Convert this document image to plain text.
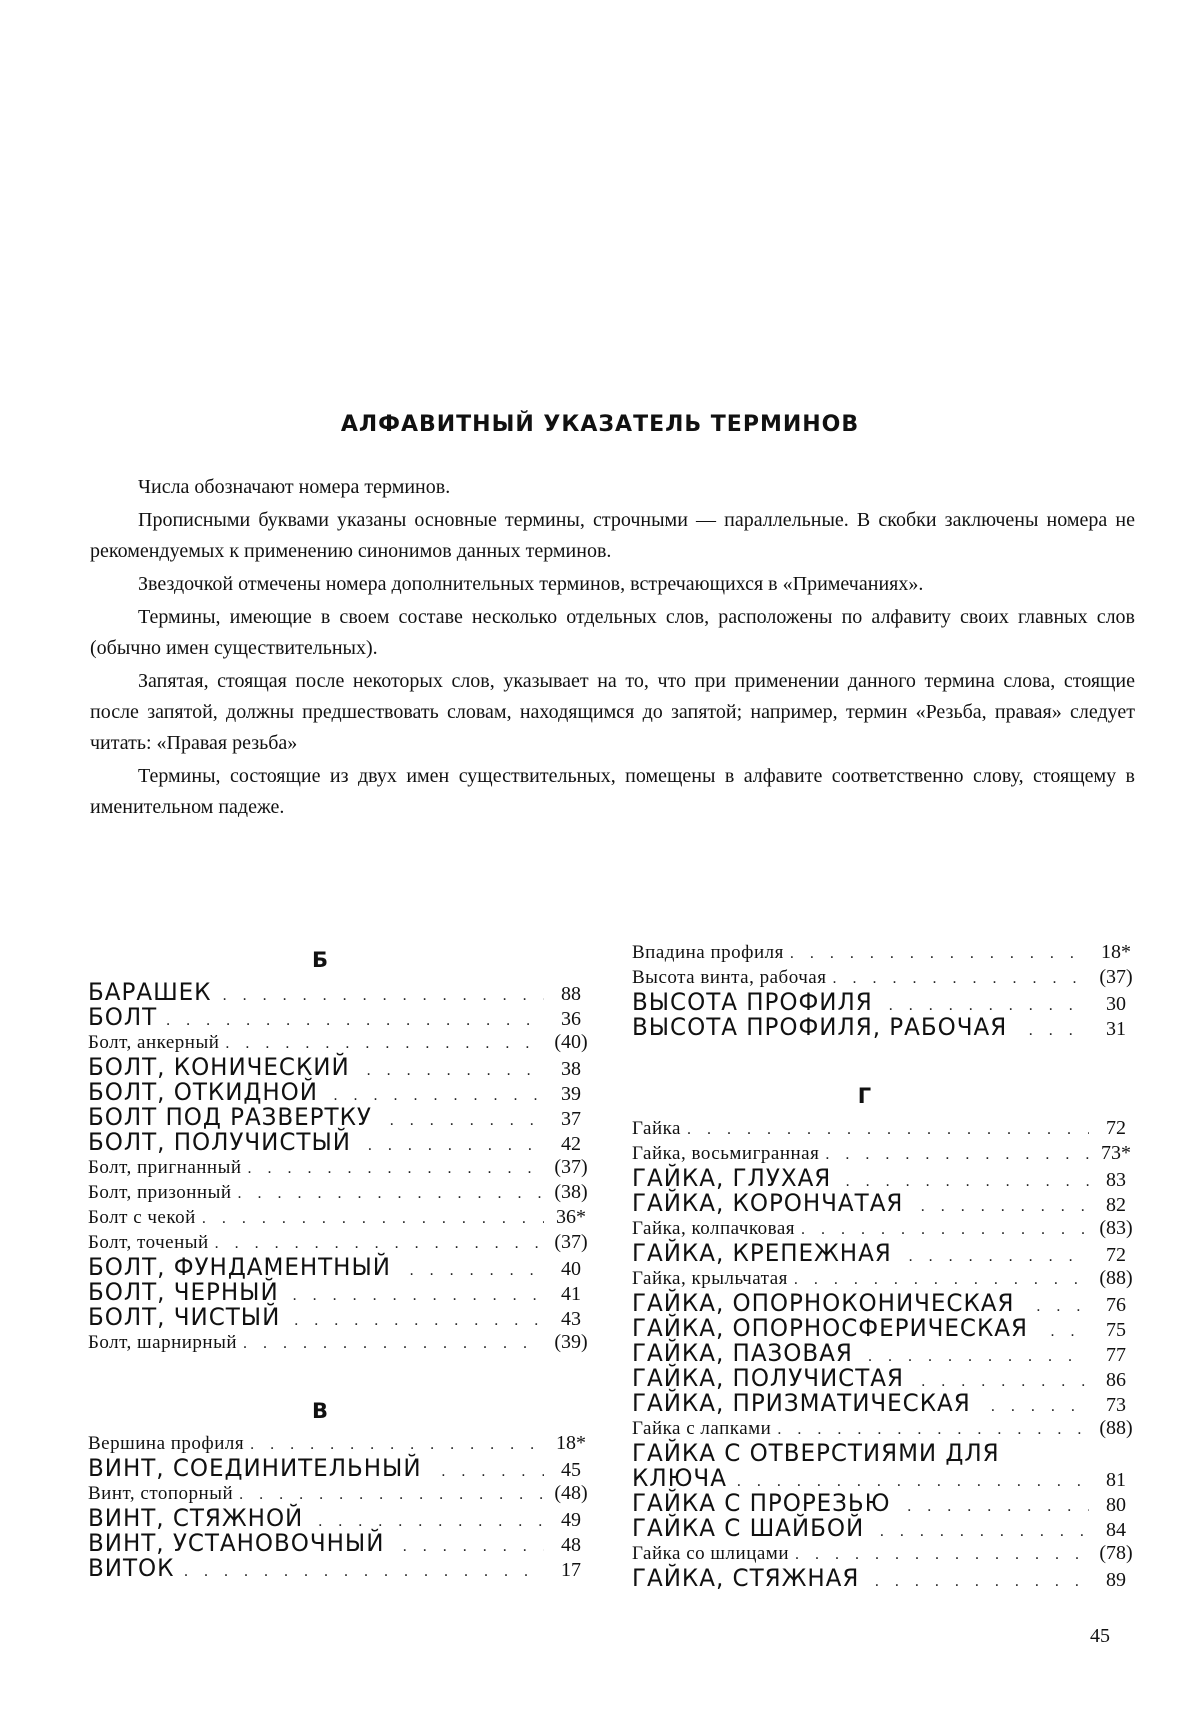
АЛФАВИТНЫЙ УКАЗАТЕЛЬ ТЕРМИНОВ

Числа обозначают номера терминов.

Прописными буквами указаны основные термины, строчными — параллельные. В скобки заключены номера не рекомендуемых к применению синонимов данных терминов.

Звездочкой отмечены номера дополнительных терминов, встречающихся в «Примечаниях».

Термины, имеющие в своем составе несколько отдельных слов, расположены по алфавиту своих главных слов (обычно имен существительных).

Запятая, стоящая после некоторых слов, указывает на то, что при применении данного термина слова, стоящие после запятой, должны предшествовать словам, находящимся до запятой; например, термин «Резьба, правая» следует читать: «Правая резьба»

Термины, состоящие из двух имен существительных, помещены в алфавите соответственно слову, стоящему в именительном падеже.

Б
БАРАШЕК . . .	88
БОЛТ . . .	36
Болт, анкерный . . .	(40)
БОЛТ, КОНИЧЕСКИЙ . . .	38
БОЛТ, ОТКИДНОЙ . . .	39
БОЛТ ПОД РАЗВЕРТКУ . . .	37
БОЛТ, ПОЛУЧИСТЫЙ . . .	42
Болт, пригнанный . . .	(37)
Болт, призонный . . .	(38)
Болт с чекой . . .	36*
Болт, точеный . . .	(37)
БОЛТ, ФУНДАМЕНТНЫЙ . . .	40
БОЛТ, ЧЕРНЫЙ . . .	41
БОЛТ, ЧИСТЫЙ . . .	43
Болт, шарнирный . . .	(39)
В
Вершина профиля . . .	18*
ВИНТ, СОЕДИНИТЕЛЬНЫЙ . . .	45
Винт, стопорный . . .	(48)
ВИНТ, СТЯЖНОЙ . . .	49
ВИНТ, УСТАНОВОЧНЫЙ . . .	48
ВИТОК . . .	17
Впадина профиля . . .	18*
Высота винта, рабочая . . .	(37)
ВЫСОТА ПРОФИЛЯ . . .	30
ВЫСОТА ПРОФИЛЯ, РАБОЧАЯ . . .	31
Г
Гайка . . .	72
Гайка, восьмигранная . . .	73*
ГАЙКА, ГЛУХАЯ . . .	83
ГАЙКА, КОРОНЧАТАЯ . . .	82
Гайка, колпачковая . . .	(83)
ГАЙКА, КРЕПЕЖНАЯ . . .	72
Гайка, крыльчатая . . .	(88)
ГАЙКА, ОПОРНОКОНИЧЕСКАЯ . . .	76
ГАЙКА, ОПОРНОСФЕРИЧЕСКАЯ . . .	75
ГАЙКА, ПАЗОВАЯ . . .	77
ГАЙКА, ПОЛУЧИСТАЯ . . .	86
ГАЙКА, ПРИЗМАТИЧЕСКАЯ . . .	73
Гайка с лапками . . .	(88)
ГАЙКА С ОТВЕРСТИЯМИ ДЛЯ
КЛЮЧА . . .	81
ГАЙКА С ПРОРЕЗЬЮ . . .	80
ГАЙКА С ШАЙБОЙ . . .	84
Гайка со шлицами . . .	(78)
ГАЙКА, СТЯЖНАЯ . . .	89
45
